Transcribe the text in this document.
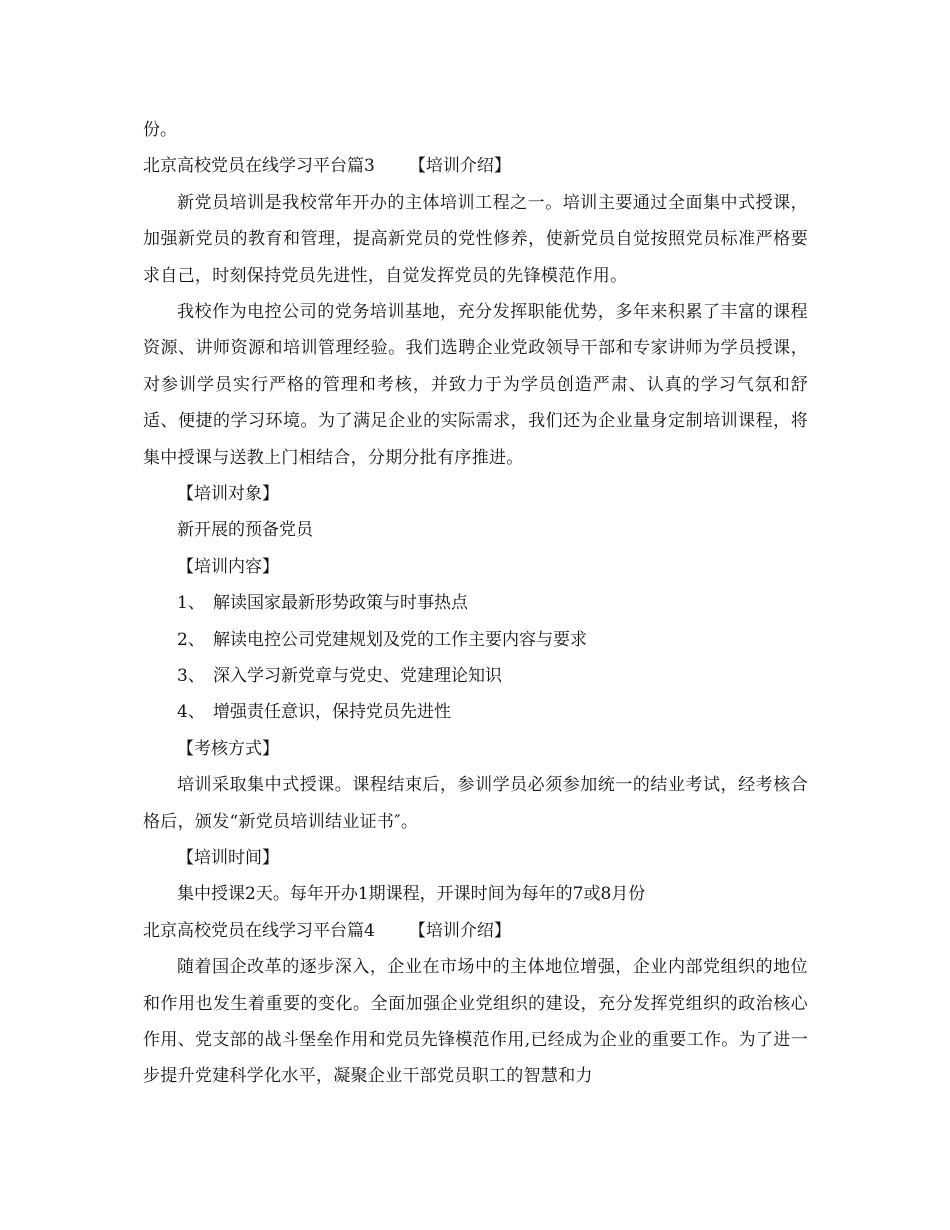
份。
北京高校党员在线学习平台篇3 【培训介绍】

新党员培训是我校常年开办的主体培训工程之一。培训主要通过全面集中式授课，加强新党员的教育和管理，提高新党员的党性修养，使新党员自觉按照党员标准严格要求自己，时刻保持党员先进性，自觉发挥党员的先锋模范作用。

我校作为电控公司的党务培训基地，充分发挥职能优势，多年来积累了丰富的课程资源、讲师资源和培训管理经验。我们选聘企业党政领导干部和专家讲师为学员授课，对参训学员实行严格的管理和考核，并致力于为学员创造严肃、认真的学习气氛和舒适、便捷的学习环境。为了满足企业的实际需求，我们还为企业量身定制培训课程，将集中授课与送教上门相结合，分期分批有序推进。

【培训对象】
新开展的预备党员
【培训内容】
1、 解读国家最新形势政策与时事热点
2、 解读电控公司党建规划及党的工作主要内容与要求
3、 深入学习新党章与党史、党建理论知识
4、 增强责任意识，保持党员先进性
【考核方式】

培训采取集中式授课。课程结束后，参训学员必须参加统一的结业考试，经考核合格后，颁发“新党员培训结业证书″。

【培训时间】
集中授课2天。每年开办1期课程，开课时间为每年的7或8月份
北京高校党员在线学习平台篇4 【培训介绍】

随着国企改革的逐步深入，企业在市场中的主体地位增强，企业内部党组织的地位和作用也发生着重要的变化。全面加强企业党组织的建设，充分发挥党组织的政治核心作用、党支部的战斗堡垒作用和党员先锋模范作用,已经成为企业的重要工作。为了进一步提升党建科学化水平，凝聚企业干部党员职工的智慧和力
